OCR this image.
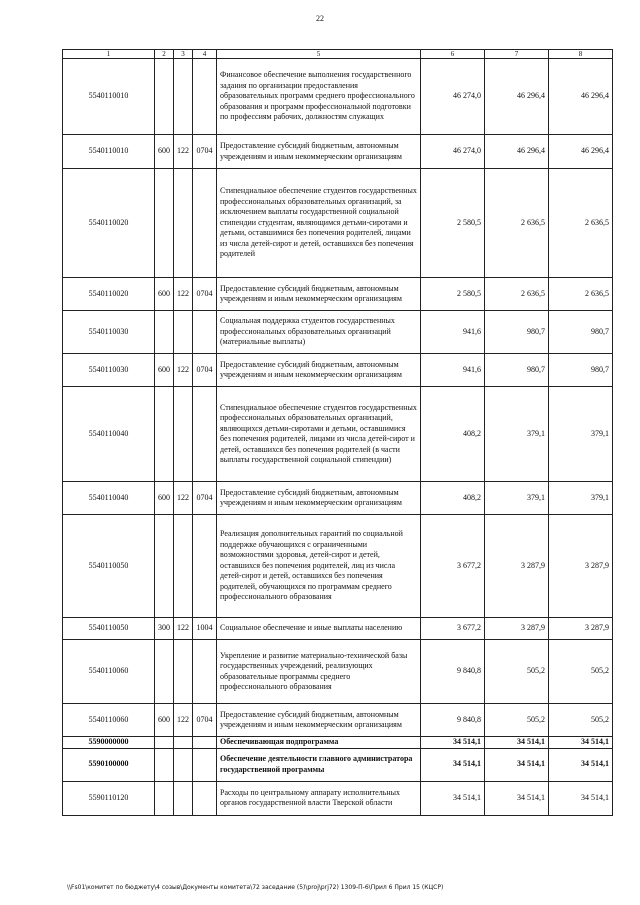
22
1	2	3	4	5	6	7	8
5540110010				Финансовое обеспечение выполнения государственного задания по организации предоставления образовательных программ среднего профессионального образования и программ профессиональной подготовки по профессиям рабочих, должностям служащих	46 274,0	46 296,4	46 296,4
5540110010	600	122	0704	Предоставление субсидий бюджетным, автономным учреждениям и иным некоммерческим организациям	46 274,0	46 296,4	46 296,4
5540110020				Стипендиальное обеспечение студентов государственных профессиональных образовательных организаций, за исключением выплаты государственной социальной стипендии студентам, являющимся детьми-сиротами и детьми, оставшимися без попечения родителей, лицами из числа детей-сирот и детей, оставшихся без попечения родителей	2 580,5	2 636,5	2 636,5
5540110020	600	122	0704	Предоставление субсидий бюджетным, автономным учреждениям и иным некоммерческим организациям	2 580,5	2 636,5	2 636,5
5540110030				Социальная поддержка студентов государственных профессиональных образовательных организаций (материальные выплаты)	941,6	980,7	980,7
5540110030	600	122	0704	Предоставление субсидий бюджетным, автономным учреждениям и иным некоммерческим организациям	941,6	980,7	980,7
5540110040				Стипендиальное обеспечение студентов государственных профессиональных образовательных организаций, являющихся детьми-сиротами и детьми, оставшимися без попечения родителей, лицами из числа детей-сирот и детей, оставшихся без попечения родителей (в части выплаты государственной социальной стипендии)	408,2	379,1	379,1
5540110040	600	122	0704	Предоставление субсидий бюджетным, автономным учреждениям и иным некоммерческим организациям	408,2	379,1	379,1
5540110050				Реализация дополнительных гарантий по социальной поддержке обучающихся с ограниченными возможностями здоровья, детей-сирот и детей, оставшихся без попечения родителей, лиц из числа детей-сирот и детей, оставшихся без попечения родителей, обучающихся по программам среднего профессионального образования	3 677,2	3 287,9	3 287,9
5540110050	300	122	1004	Социальное обеспечение и иные выплаты населению	3 677,2	3 287,9	3 287,9
5540110060				Укрепление и развитие материально-технической базы государственных учреждений, реализующих образовательные программы среднего профессионального образования	9 840,8	505,2	505,2
5540110060	600	122	0704	Предоставление субсидий бюджетным, автономным учреждениям и иным некоммерческим организациям	9 840,8	505,2	505,2
5590000000				Обеспечивающая подпрограмма	34 514,1	34 514,1	34 514,1
5590100000				Обеспечение деятельности главного администратора государственной программы	34 514,1	34 514,1	34 514,1
5590110120				Расходы по центральному аппарату исполнительных органов государственной власти Тверской области	34 514,1	34 514,1	34 514,1
\\Fs01\комитет по бюджету\4 созыв\Документы комитета\72 заседание (5)\proj\prj72) 1309-П-6\Прил 6 Прил 15 (КЦСР)
